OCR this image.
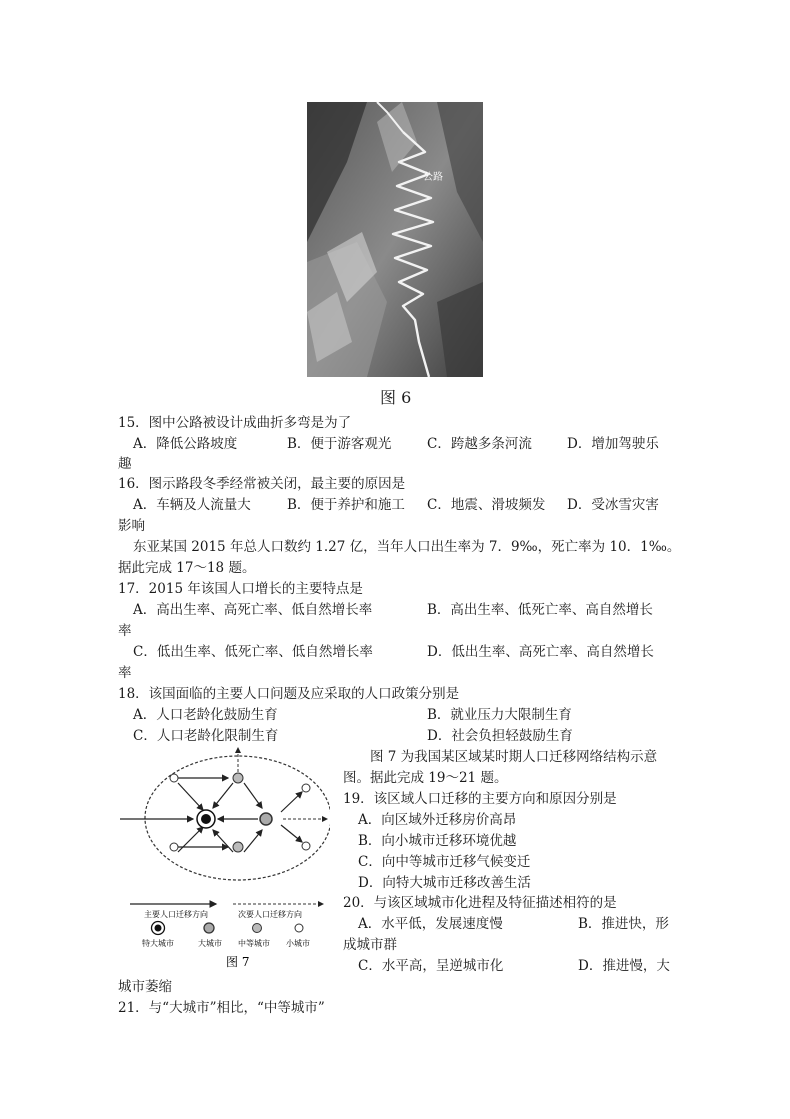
公路
图 6
15．图中公路被设计成曲折多弯是为了
A．降低公路坡度	B．便于游客观光	C．跨越多条河流	D．增加驾驶乐
趣
16．图示路段冬季经常被关闭，最主要的原因是
A．车辆及人流量大	B．便于养护和施工 C．地震、滑坡频发 D．受冰雪灾害
影响
东亚某国 2015 年总人口数约 1.27 亿，当年人口出生率为 7．9‰，死亡率为 10．1‰。
据此完成 17～18 题。
17．2015 年该国人口增长的主要特点是
A．高出生率、高死亡率、低自然增长率	B．高出生率、低死亡率、高自然增长
率
C．低出生率、低死亡率、低自然增长率	D．低出生率、高死亡率、高自然增长
率
18．该国面临的主要人口问题及应采取的人口政策分别是
A．人口老龄化鼓励生育	B．就业压力大限制生育
C．人口老龄化限制生育	D．社会负担轻鼓励生育
主要人口迁移方向	次要人口迁移方向
特大城市	大城市 中等城市 小城市
图 7
图 7 为我国某区域某时期人口迁移网络结构示意
图。据此完成 19～21 题。
19．该区域人口迁移的主要方向和原因分别是
A．向区域外迁移房价高昂
B．向小城市迁移环境优越
C．向中等城市迁移气候变迁
D．向特大城市迁移改善生活
20．与该区域城市化进程及特征描述相符的是
A．水平低，发展速度慢	B．推进快，形
成城市群
C．水平高，呈逆城市化	D．推进慢，大
城市萎缩
21．与“大城市”相比，“中等城市”
